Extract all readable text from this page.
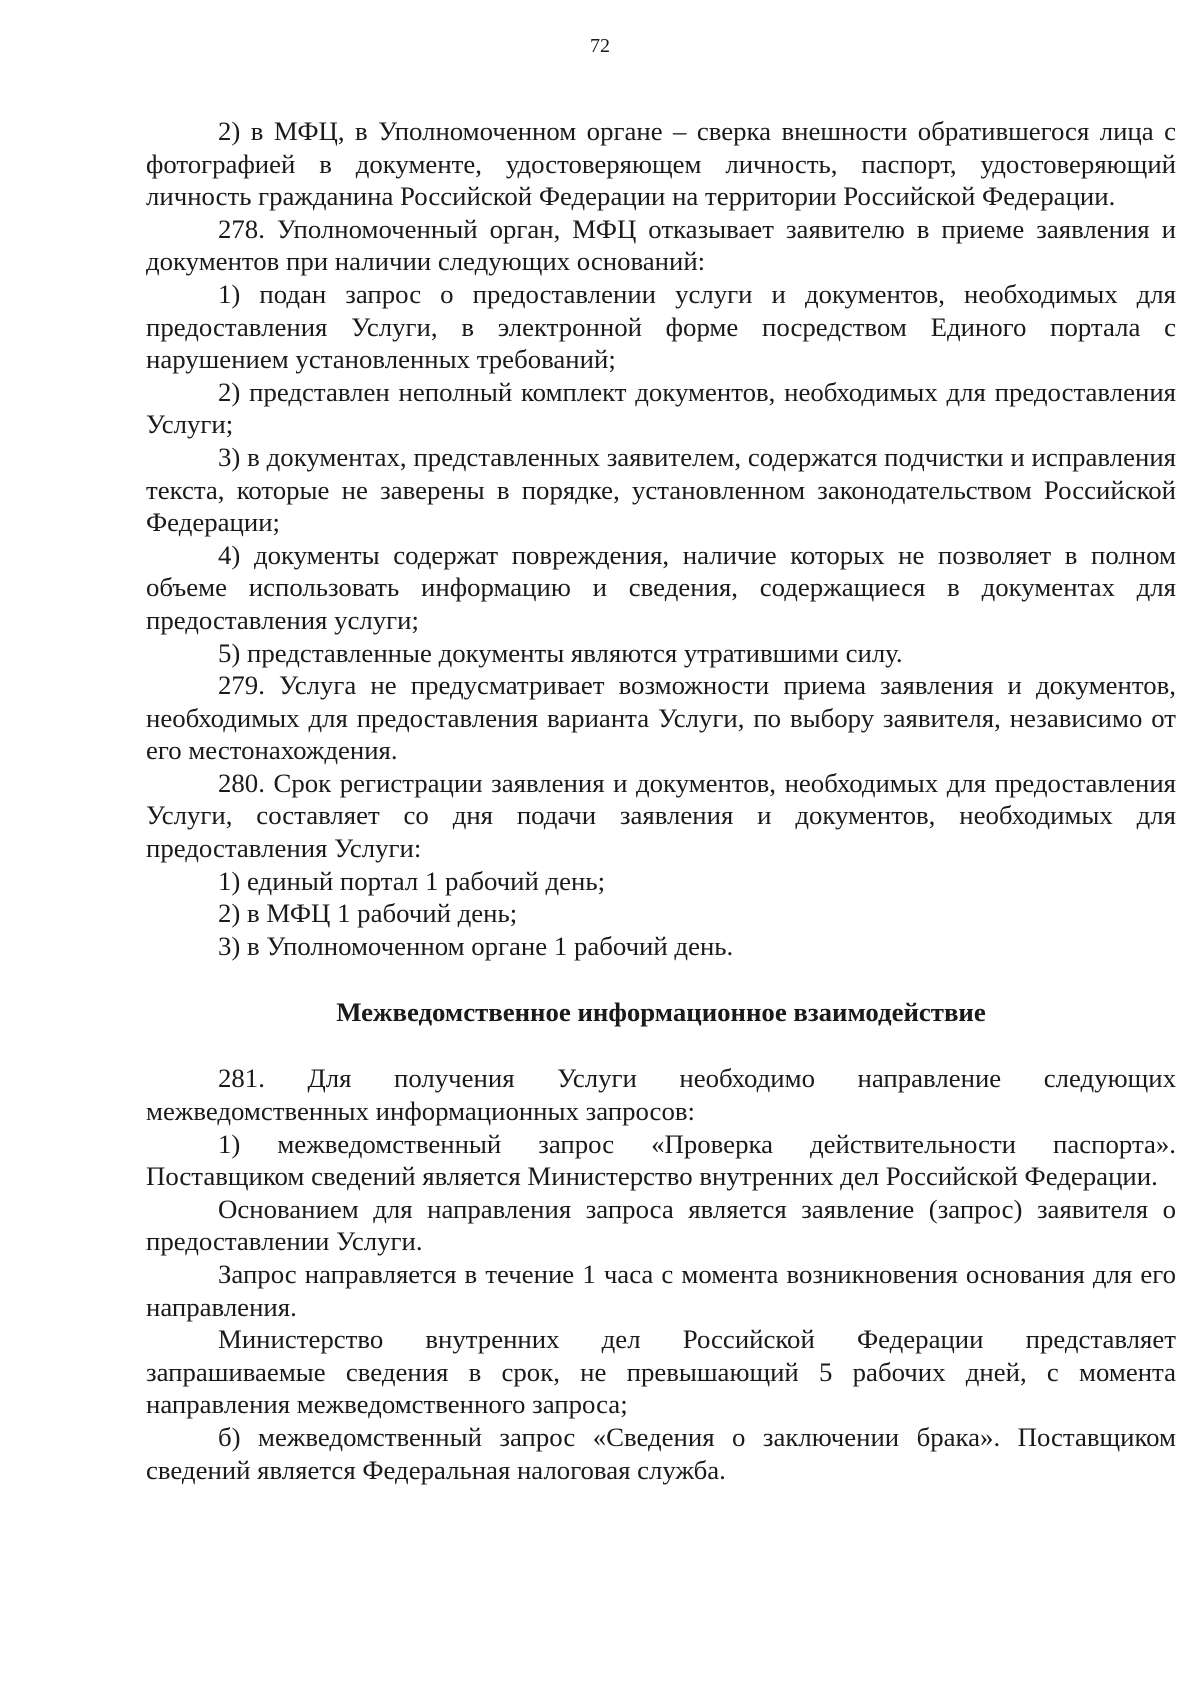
72

2) в МФЦ, в Уполномоченном органе – сверка внешности обратившегося лица с фотографией в документе, удостоверяющем личность, паспорт, удостоверяющий личность гражданина Российской Федерации на территории Российской Федерации.

278. Уполномоченный орган, МФЦ отказывает заявителю в приеме заявления и документов при наличии следующих оснований:

1) подан запрос о предоставлении услуги и документов, необходимых для предоставления Услуги, в электронной форме посредством Единого портала с нарушением установленных требований;

2) представлен неполный комплект документов, необходимых для предоставления Услуги;

3) в документах, представленных заявителем, содержатся подчистки и исправления текста, которые не заверены в порядке, установленном законодательством Российской Федерации;

4) документы содержат повреждения, наличие которых не позволяет в полном объеме использовать информацию и сведения, содержащиеся в документах для предоставления услуги;

5) представленные документы являются утратившими силу.

279. Услуга не предусматривает возможности приема заявления и документов, необходимых для предоставления варианта Услуги, по выбору заявителя, независимо от его местонахождения.

280. Срок регистрации заявления и документов, необходимых для предоставления Услуги, составляет со дня подачи заявления и документов, необходимых для предоставления Услуги:

1) единый портал 1 рабочий день;

2) в МФЦ 1 рабочий день;

3) в Уполномоченном органе 1 рабочий день.

Межведомственное информационное взаимодействие

281. Для получения Услуги необходимо направление следующих межведомственных информационных запросов:

1) межведомственный запрос «Проверка действительности паспорта». Поставщиком сведений является Министерство внутренних дел Российской Федерации.

Основанием для направления запроса является заявление (запрос) заявителя о предоставлении Услуги.

Запрос направляется в течение 1 часа с момента возникновения основания для его направления.

Министерство внутренних дел Российской Федерации представляет запрашиваемые сведения в срок, не превышающий 5 рабочих дней, с момента направления межведомственного запроса;

б) межведомственный запрос «Сведения о заключении брака». Поставщиком сведений является Федеральная налоговая служба.
